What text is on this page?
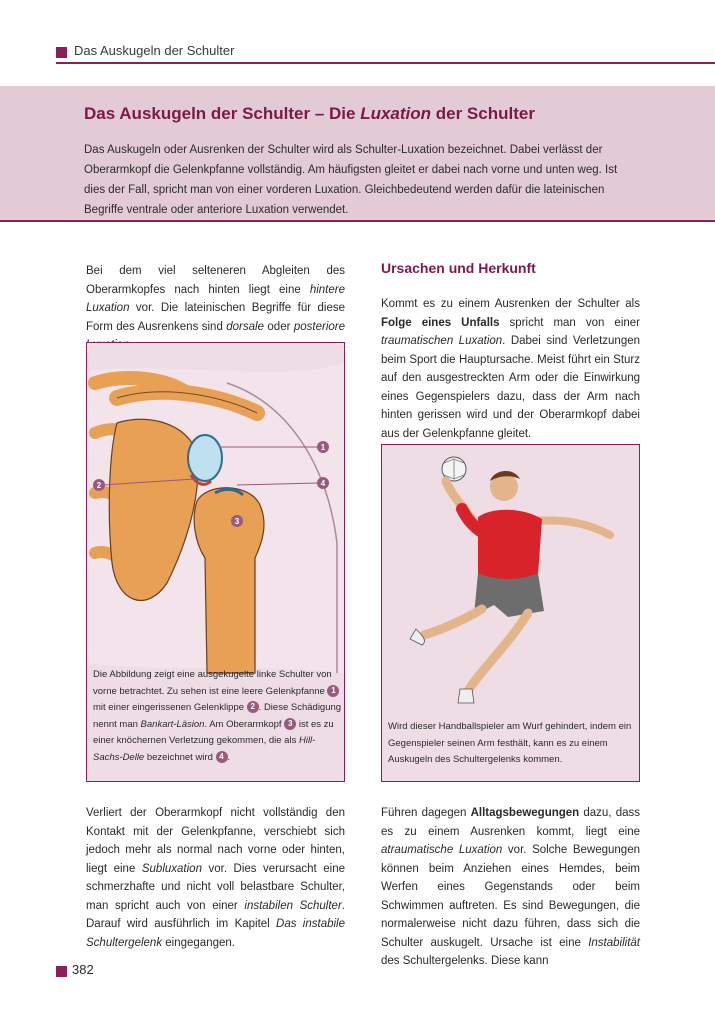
Das Auskugeln der Schulter
Das Auskugeln der Schulter – Die Luxation der Schulter
Das Auskugeln oder Ausrenken der Schulter wird als Schulter-Luxation bezeichnet. Dabei verlässt der
Oberarmkopf die Gelenkpfanne vollständig. Am häufigsten gleitet er dabei nach vorne und unten weg. Ist
dies der Fall, spricht man von einer vorderen Luxation. Gleichbedeutend werden dafür die lateinischen
Begriffe ventrale oder anteriore Luxation verwendet.
Bei dem viel selteneren Abgleiten des Oberarmkopfes nach hinten liegt eine hintere Luxation vor. Die lateinischen Begriffe für diese Form des Ausrenkens sind dorsale oder posteriore
1
2
3
4
Die Abbildung zeigt eine ausgekugelte linke Schulter von vorne betrachtet. Zu sehen ist eine leere Gelenkpfanne 1 mit einer eingerissenen Gelenklippe 2 . Diese Schädigung nennt man Bankart-Läsion. Am Oberarmkopf 3 ist es zu einer knöchernen Verletzung gekommen, die als Hill-Sachs-Delle bezeichnet wird 4 .
Verliert der Oberarmkopf nicht vollständig den Kontakt mit der Gelenkpfanne, verschiebt sich jedoch mehr als normal nach vorne oder hinten, liegt eine Subluxation vor. Dies verursacht eine schmerzhafte und nicht voll belastbare Schulter, man spricht auch von einer instabilen Schulter. Darauf wird ausführlich im Kapitel Das instabile Schultergelenk eingegangen.
Ursachen und Herkunft
Kommt es zu einem Ausrenken der Schulter als Folge eines Unfalls spricht man von einer traumatischen Luxation. Dabei sind Verletzungen beim Sport die Hauptursache. Meist führt ein Sturz auf den ausgestreckten Arm oder die Einwirkung eines Gegenspielers dazu, dass der Arm nach hinten gerissen wird und der Oberarmkopf dabei aus der Gelenkpfanne gleitet.
Wird dieser Handballspieler am Wurf gehindert, indem ein Gegenspieler seinen Arm festhält, kann es zu einem Auskugeln des Schultergelenks kommen.
Führen dagegen Alltagsbewegungen dazu, dass es zu einem Ausrenken kommt, liegt eine atraumatische Luxation vor. Solche Bewegungen können beim Anziehen eines Hemdes, beim Werfen eines Gegenstands oder beim Schwimmen auftreten. Es sind Bewegungen, die normalerweise nicht dazu führen, dass sich die Schulter auskugelt. Ursache ist eine Instabilität des Schultergelenks. Diese kann
382
